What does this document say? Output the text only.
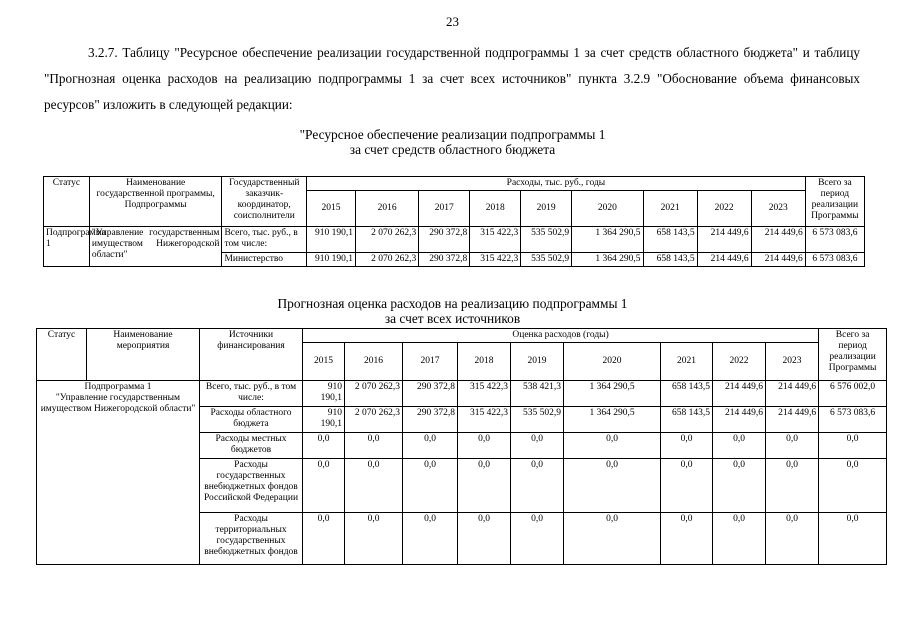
23

3.2.7. Таблицу "Ресурсное обеспечение реализации государственной подпрограммы 1 за счет средств областного бюджета" и таблицу "Прогнозная оценка расходов на реализацию подпрограммы 1 за счет всех источников" пункта 3.2.9 "Обоснование объема финансовых ресурсов" изложить в следующей редакции:

"Ресурсное обеспечение реализации подпрограммы 1
за счет средств областного бюджета
Статус	Наименование государственной программы, Подпрограммы	Государственный заказчик-координатор, соисполнители	Расходы, тыс. руб., годы									Всего за период реализации Программы
			2015	2016	2017	2018	2019	2020	2021	2022	2023	
Подпрограмма 1	"Управление государственным имуществом Нижегородской области"	Всего, тыс. руб., в том числе:	910 190,1	2 070 262,3	290 372,8	315 422,3	535 502,9	1 364 290,5	658 143,5	214 449,6	214 449,6	6 573 083,6
		Министерство	910 190,1	2 070 262,3	290 372,8	315 422,3	535 502,9	1 364 290,5	658 143,5	214 449,6	214 449,6	6 573 083,6
Прогнозная оценка расходов на реализацию подпрограммы 1
за счет всех источников
Статус	Наименование мероприятия	Источники финансирования	Оценка расходов (годы)									Всего за период реализации Программы
			2015	2016	2017	2018	2019	2020	2021	2022	2023	

Подпрограмма 1
"Управление государственным имуществом Нижегородской области"		Всего, тыс. руб., в том числе:	910 190,1	2 070 262,3	290 372,8	315 422,3	538 421,3	1 364 290,5	658 143,5	214 449,6	214 449,6	6 576 002,0
		Расходы областного бюджета	910 190,1	2 070 262,3	290 372,8	315 422,3	535 502,9	1 364 290,5	658 143,5	214 449,6	214 449,6	6 573 083,6
		Расходы местных бюджетов	0,0	0,0	0,0	0,0	0,0	0,0	0,0	0,0	0,0	0,0
		Расходы государственных внебюджетных фондов Российской Федерации	0,0	0,0	0,0	0,0	0,0	0,0	0,0	0,0	0,0	0,0
		Расходы территориальных государственных внебюджетных фондов	0,0	0,0	0,0	0,0	0,0	0,0	0,0	0,0	0,0	0,0
